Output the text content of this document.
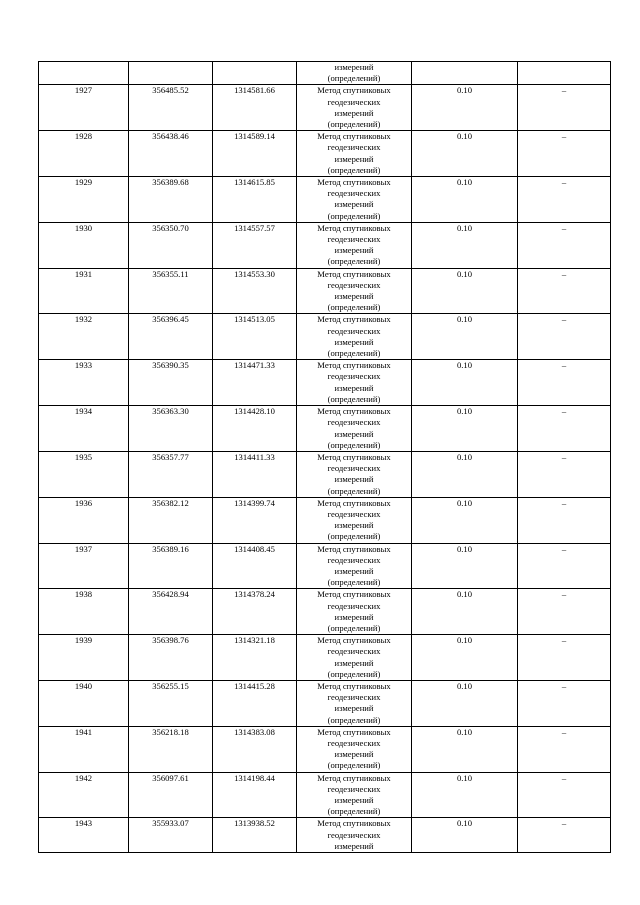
			измерений
(определений)		

1927	356485.52	1314581.66	Метод спутниковых
геодезических
измерений
(определений)	0.10	–
1928	356438.46	1314589.14	Метод спутниковых
геодезических
измерений
(определений)	0.10	–
1929	356389.68	1314615.85	Метод спутниковых
геодезических
измерений
(определений)	0.10	–
1930	356350.70	1314557.57	Метод спутниковых
геодезических
измерений
(определений)	0.10	–
1931	356355.11	1314553.30	Метод спутниковых
геодезических
измерений
(определений)	0.10	–
1932	356396.45	1314513.05	Метод спутниковых
геодезических
измерений
(определений)	0.10	–
1933	356390.35	1314471.33	Метод спутниковых
геодезических
измерений
(определений)	0.10	–
1934	356363.30	1314428.10	Метод спутниковых
геодезических
измерений
(определений)	0.10	–
1935	356357.77	1314411.33	Метод спутниковых
геодезических
измерений
(определений)	0.10	–
1936	356382.12	1314399.74	Метод спутниковых
геодезических
измерений
(определений)	0.10	–
1937	356389.16	1314408.45	Метод спутниковых
геодезических
измерений
(определений)	0.10	–
1938	356428.94	1314378.24	Метод спутниковых
геодезических
измерений
(определений)	0.10	–
1939	356398.76	1314321.18	Метод спутниковых
геодезических
измерений
(определений)	0.10	–
1940	356255.15	1314415.28	Метод спутниковых
геодезических
измерений
(определений)	0.10	–
1941	356218.18	1314383.08	Метод спутниковых
геодезических
измерений
(определений)	0.10	–
1942	356097.61	1314198.44	Метод спутниковых
геодезических
измерений
(определений)	0.10	–
1943	355933.07	1313938.52	Метод спутниковых
геодезических
измерений	0.10	–
